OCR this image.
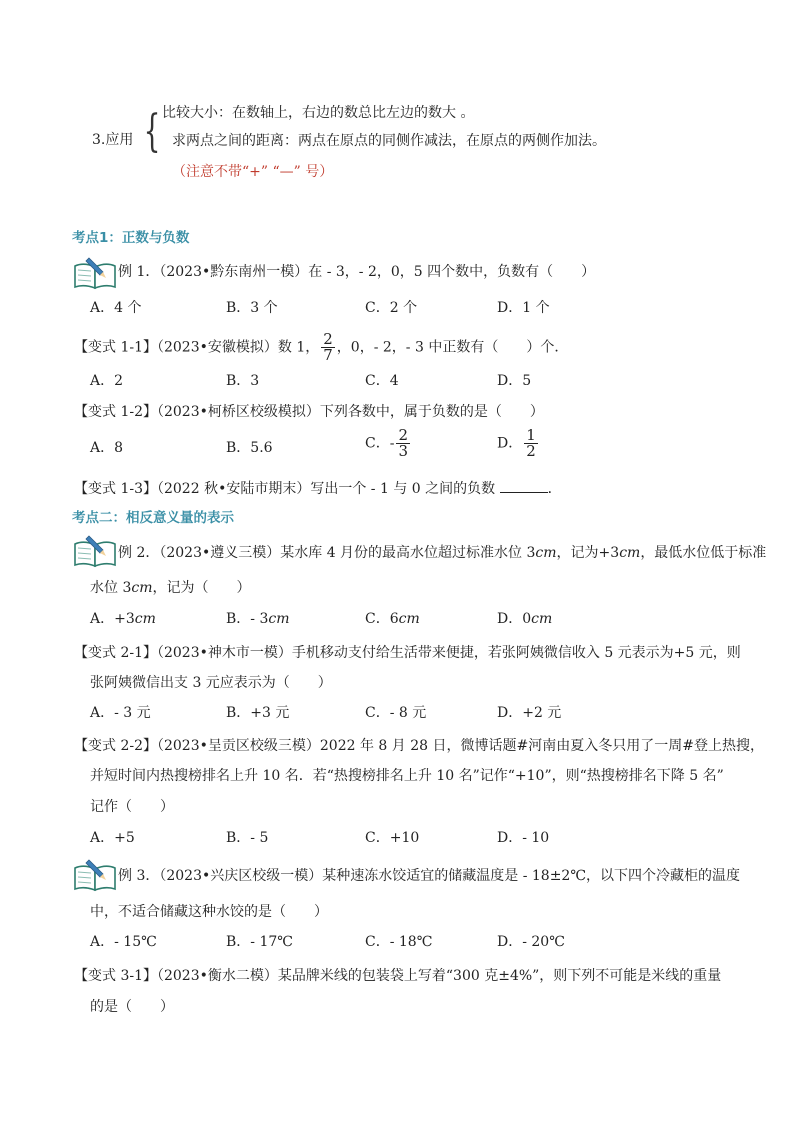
{
3.应用
比较大小：在数轴上，右边的数总比左边的数大 。
求两点之间的距离：两点在原点的同侧作减法，在原点的两侧作加法。
（注意不带“+” “—” 号）
考点1：正数与负数
例 1．（2023•黔东南州一模）在 - 3，- 2，0，5 四个数中，负数有（　　）
A．4 个	B．3 个	C．2 个	D．1 个
【变式 1-1】（2023•安徽模拟）数 1， $\frac{2}{7}$ ，0，- 2，- 3 中正数有（　　）个．
A．2	B．3	C．4	D．5
【变式 1-2】（2023•柯桥区校级模拟）下列各数中，属于负数的是（　　）
A．8	B．5.6	C．- $\frac{2}{3}$	D． $\frac{1}{2}$
【变式 1-3】（2022 秋•安陆市期末）写出一个 - 1 与 0 之间的负数	．
考点二：相反意义量的表示
例 2．（2023•遵义三模）某水库 4 月份的最高水位超过标准水位 3cm，记为+3cm，最低水位低于标准
水位 3cm，记为（　　）
A．+3cm	B．- 3cm	C．6cm	D．0cm
【变式 2-1】（2023•神木市一模）手机移动支付给生活带来便捷，若张阿姨微信收入 5 元表示为+5 元，则
张阿姨微信出支 3 元应表示为（　　）
A．- 3 元	B．+3 元	C．- 8 元	D．+2 元
【变式 2-2】（2023•呈贡区校级三模）2022 年 8 月 28 日，微博话题#河南由夏入冬只用了一周#登上热搜，
并短时间内热搜榜排名上升 10 名．若“热搜榜排名上升 10 名”记作“+10”，则“热搜榜排名下降 5 名”
记作（　　）
A．+5	B．- 5	C．+10	D．- 10
例 3．（2023•兴庆区校级一模）某种速冻水饺适宜的储藏温度是 - 18±2℃，以下四个冷藏柜的温度
中，不适合储藏这种水饺的是（　　）
A．- 15℃	B．- 17℃	C．- 18℃	D．- 20℃
【变式 3-1】（2023•衡水二模）某品牌米线的包装袋上写着“300 克±4%”，则下列不可能是米线的重量
的是（　　）
